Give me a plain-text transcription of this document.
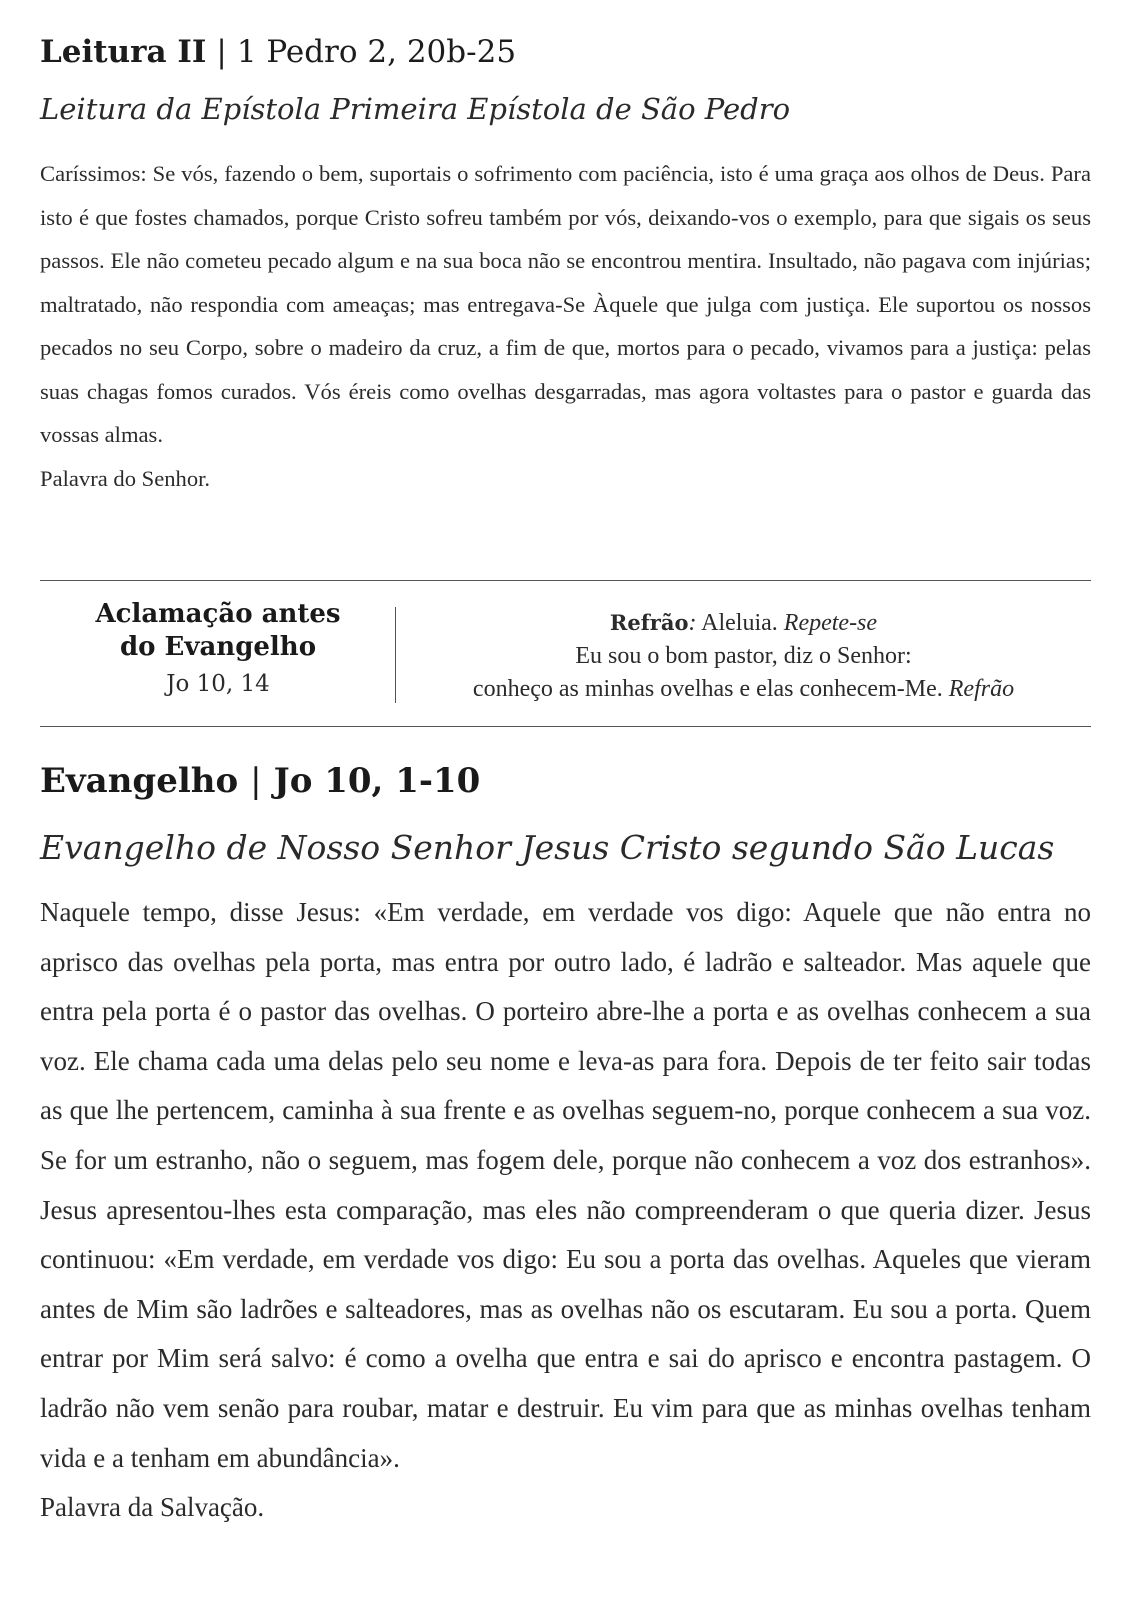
Leitura II | 1 Pedro 2, 20b-25
Leitura da Epístola Primeira Epístola de São Pedro
Caríssimos: Se vós, fazendo o bem, suportais o sofrimento com paciência, isto é uma graça aos olhos de Deus. Para isto é que fostes chamados, porque Cristo sofreu também por vós, deixando-vos o exemplo, para que sigais os seus passos. Ele não cometeu pecado algum e na sua boca não se encontrou mentira. Insultado, não pagava com injúrias; maltratado, não respondia com ameaças; mas entregava-Se Àquele que julga com justiça. Ele suportou os nossos pecados no seu Corpo, sobre o madeiro da cruz, a fim de que, mortos para o pecado, vivamos para a justiça: pelas suas chagas fomos curados. Vós éreis como ovelhas desgarradas, mas agora voltastes para o pastor e guarda das vossas almas.
Palavra do Senhor.
Aclamação antes
do Evangelho
Jo 10, 14
Refrão: Aleluia. Repete-se
Eu sou o bom pastor, diz o Senhor:
conheço as minhas ovelhas e elas conhecem-Me. Refrão
Evangelho | Jo 10, 1-10
Evangelho de Nosso Senhor Jesus Cristo segundo São Lucas
Naquele tempo, disse Jesus: «Em verdade, em verdade vos digo: Aquele que não entra no aprisco das ovelhas pela porta, mas entra por outro lado, é ladrão e salteador. Mas aquele que entra pela porta é o pastor das ovelhas. O porteiro abre-lhe a porta e as ovelhas conhecem a sua voz. Ele chama cada uma delas pelo seu nome e leva-as para fora. Depois de ter feito sair todas as que lhe pertencem, caminha à sua frente e as ovelhas seguem-no, porque conhecem a sua voz. Se for um estranho, não o seguem, mas fogem dele, porque não conhecem a voz dos estranhos». Jesus apresentou-lhes esta comparação, mas eles não compreenderam o que queria dizer. Jesus continuou: «Em verdade, em verdade vos digo: Eu sou a porta das ovelhas. Aqueles que vieram antes de Mim são ladrões e salteadores, mas as ovelhas não os escutaram. Eu sou a porta. Quem entrar por Mim será salvo: é como a ovelha que entra e sai do aprisco e encontra pastagem. O ladrão não vem senão para roubar, matar e destruir. Eu vim para que as minhas ovelhas tenham vida e a tenham em abundância».
Palavra da Salvação.
